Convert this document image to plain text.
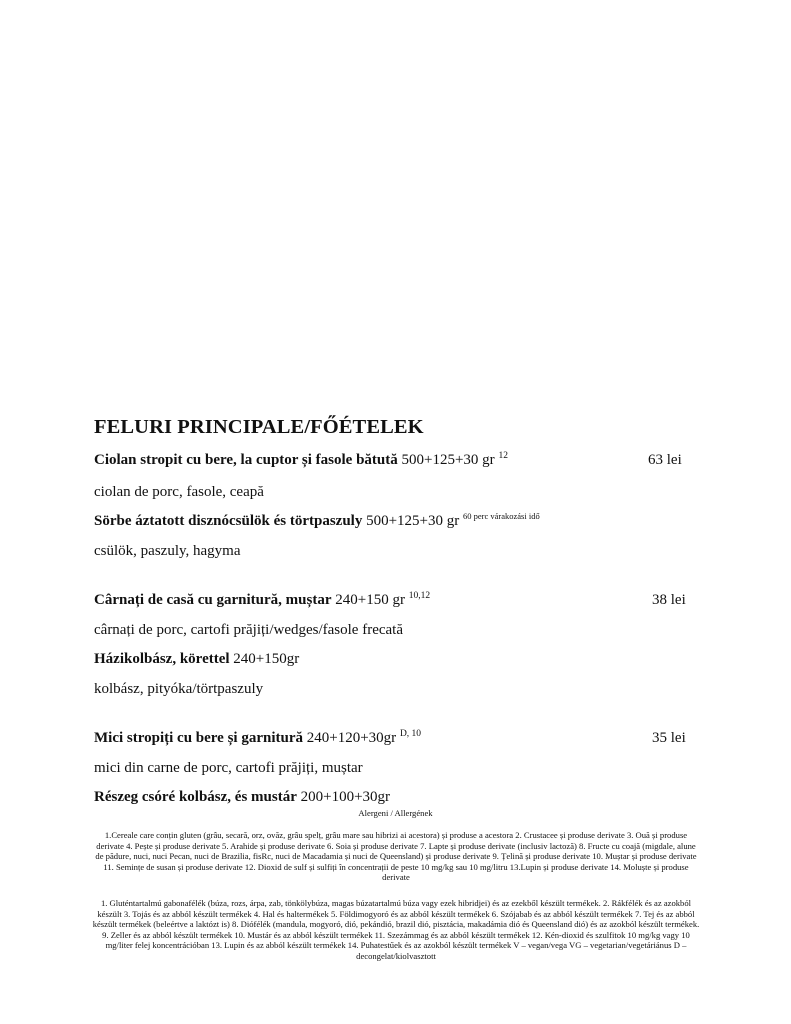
FELURI PRINCIPALE/FŐÉTELEK
Ciolan stropit cu bere, la cuptor și fasole bătută 500+125+30 gr $^{12}$	63 lei
ciolan de porc, fasole, ceapă
Sörbe áztatott disznócsülök és törtpaszuly 500+125+30 gr $^{60 perc várakozási idő}$
csülök, paszuly, hagyma
Cârnați de casă cu garnitură, muștar 240+150 gr $^{10,12}$	38 lei
cârnați de porc, cartofi prăjiți/wedges/fasole frecată
Házikolbász, körettel 240+150gr
kolbász, pityóka/törtpaszuly
Mici stropiți cu bere și garnitură 240+120+30gr $^{D, 10}$	35 lei
mici din carne de porc, cartofi prăjiți, muștar
Részeg csóré kolbász, és mustár 200+100+30gr
Alergeni / Allergének
1.Cereale care conțin gluten (grâu, secară, orz, ovăz, grâu spelț, grâu mare sau hibrizi ai acestora) și produse a acestora 2. Crustacee și produse derivate 3. Ouă și produse derivate 4. Pește și produse derivate 5. Arahide și produse derivate 6. Soia și produse derivate 7. Lapte și produse derivate (inclusiv lactoză) 8. Fructe cu coajă (migdale, alune de pădure, nuci, nuci Pecan, nuci de Brazilia, fisRc, nuci de Macadamia și nuci de Queensland) și produse derivate 9. Țelină și produse derivate 10. Muștar și produse derivate 11. Semințe de susan și produse derivate 12. Dioxid de sulf și sulfiți în concentrații de peste 10 mg/kg sau 10 mg/litru 13.Lupin și produse derivate 14. Moluște și produse derivate
1. Gluténtartalmú gabonafélék (búza, rozs, árpa, zab, tönkölybúza, magas búzatartalmú búza vagy ezek hibridjei) és az ezekből készült termékek. 2. Rákfélék és az azokból készült 3. Tojás és az abból készült termékek 4. Hal és haltermékek 5. Földimogyoró és az abból készült termékek 6. Szójabab és az abból készült termékek 7. Tej és az abból készült termékek (beleértve a laktózt is) 8. Diófélék (mandula, mogyoró, dió, pekándió, brazil dió, pisztácia, makadámia dió és Queensland dió) és az azokból készült termékek. 9. Zeller és az abból készült termékek 10. Mustár és az abból készült termékek 11. Szezámmag és az abból készült termékek 12. Kén-dioxid és szulfitok 10 mg/kg vagy 10 mg/liter felej koncentrációban 13. Lupin és az abból készült termékek 14. Puhatestűek és az azokból készült termékek V – vegan/vega VG – vegetarian/vegetáriánus D – decongelat/kiolvasztott
